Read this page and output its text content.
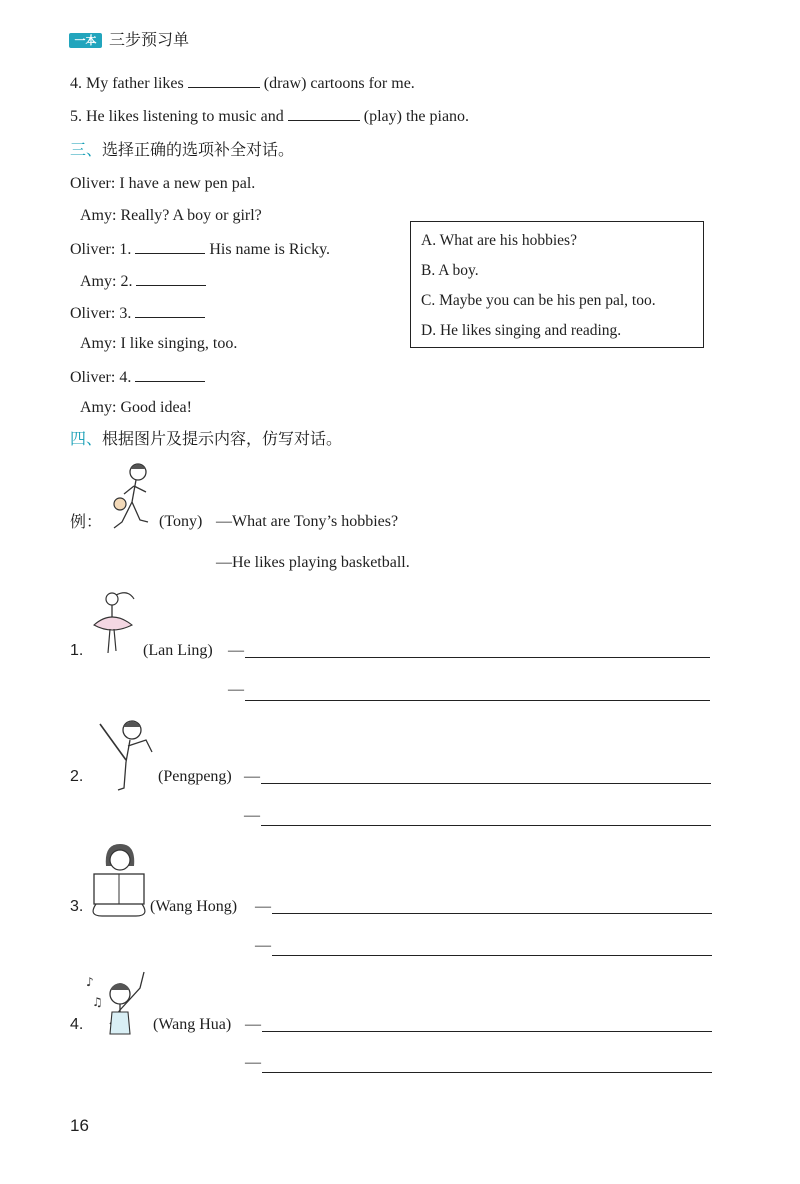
一本 三步预习单
4. My father likes	(draw) cartoons for me.
5. He likes listening to music and	(play) the piano.
三、选择正确的选项补全对话。
Oliver: I have a new pen pal.
Amy: Really? A boy or girl?
Oliver: 1.	His name is Ricky.
Amy: 2.
Oliver: 3.
Amy: I like singing, too.
Oliver: 4.
Amy: Good idea!
A. What are his hobbies?
B. A boy.
C. Maybe you can be his pen pal, too.
D. He likes singing and reading.
四、根据图片及提示内容，仿写对话。
例：	(Tony) —What are Tony’s hobbies?
—He likes playing basketball.
1.	(Lan Ling) —
—
2.	(Pengpeng) —
—
3.	(Wang Hong) —
—
4.
♪
♫
(Wang Hua) —
—
16
